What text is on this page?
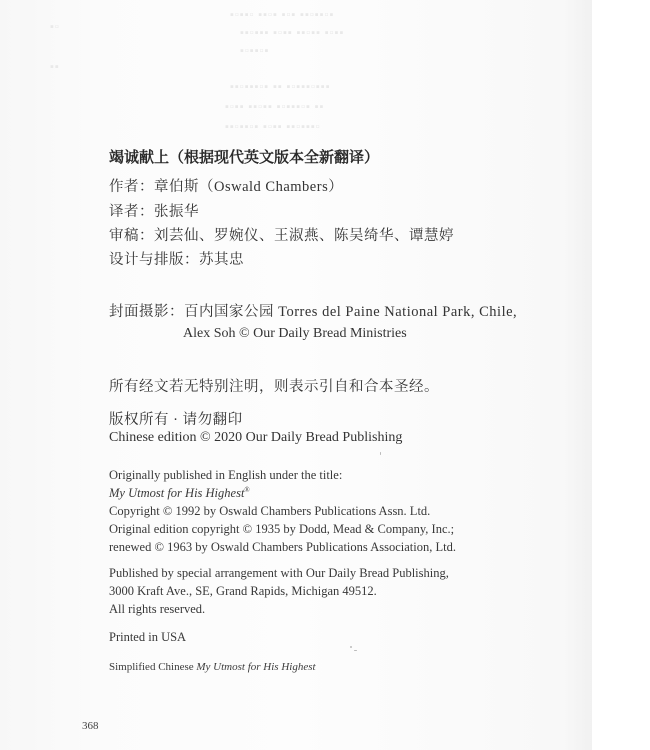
▪▫▪▪▫ ▪▪▫▪ ▪▫▪ ▪▪▫▪▪▫▪
▪▪▫▪▪▪ ▪▫▪▪ ▪▪▫▪▪ ▪▫▪▪
▪▫▪▪▫▪
▪▪▫▪▪▪▫▪ ▪▪ ▪▫▪▪▪▫▪▪▪
▪▫▪▪ ▪▪▫▪▪ ▪▫▪▪▪▫▪ ▪▪
▪▪▫▪▪▫▪ ▪▫▪▪ ▪▪▫▪▪▪▫
▪▫
▪▪
竭诚献上（根据现代英文版本全新翻译）
作者：章伯斯（Oswald Chambers）
译者：张振华
审稿：刘芸仙、罗婉仪、王淑燕、陈吴绮华、谭慧婷
设计与排版：苏其忠
封面摄影：百内国家公园 Torres del Paine National Park, Chile,
Alex Soh © Our Daily Bread Ministries
所有经文若无特别注明，则表示引自和合本圣经。
版权所有 · 请勿翻印
Chinese edition © 2020 Our Daily Bread Publishing
Originally published in English under the title:
My Utmost for His Highest®
Copyright © 1992 by Oswald Chambers Publications Assn. Ltd.
Original edition copyright © 1935 by Dodd, Mead & Company, Inc.;
renewed © 1963 by Oswald Chambers Publications Association, Ltd.
Published by special arrangement with Our Daily Bread Publishing,
3000 Kraft Ave., SE, Grand Rapids, Michigan 49512.
All rights reserved.
Printed in USA
Simplified Chinese My Utmost for His Highest
368
